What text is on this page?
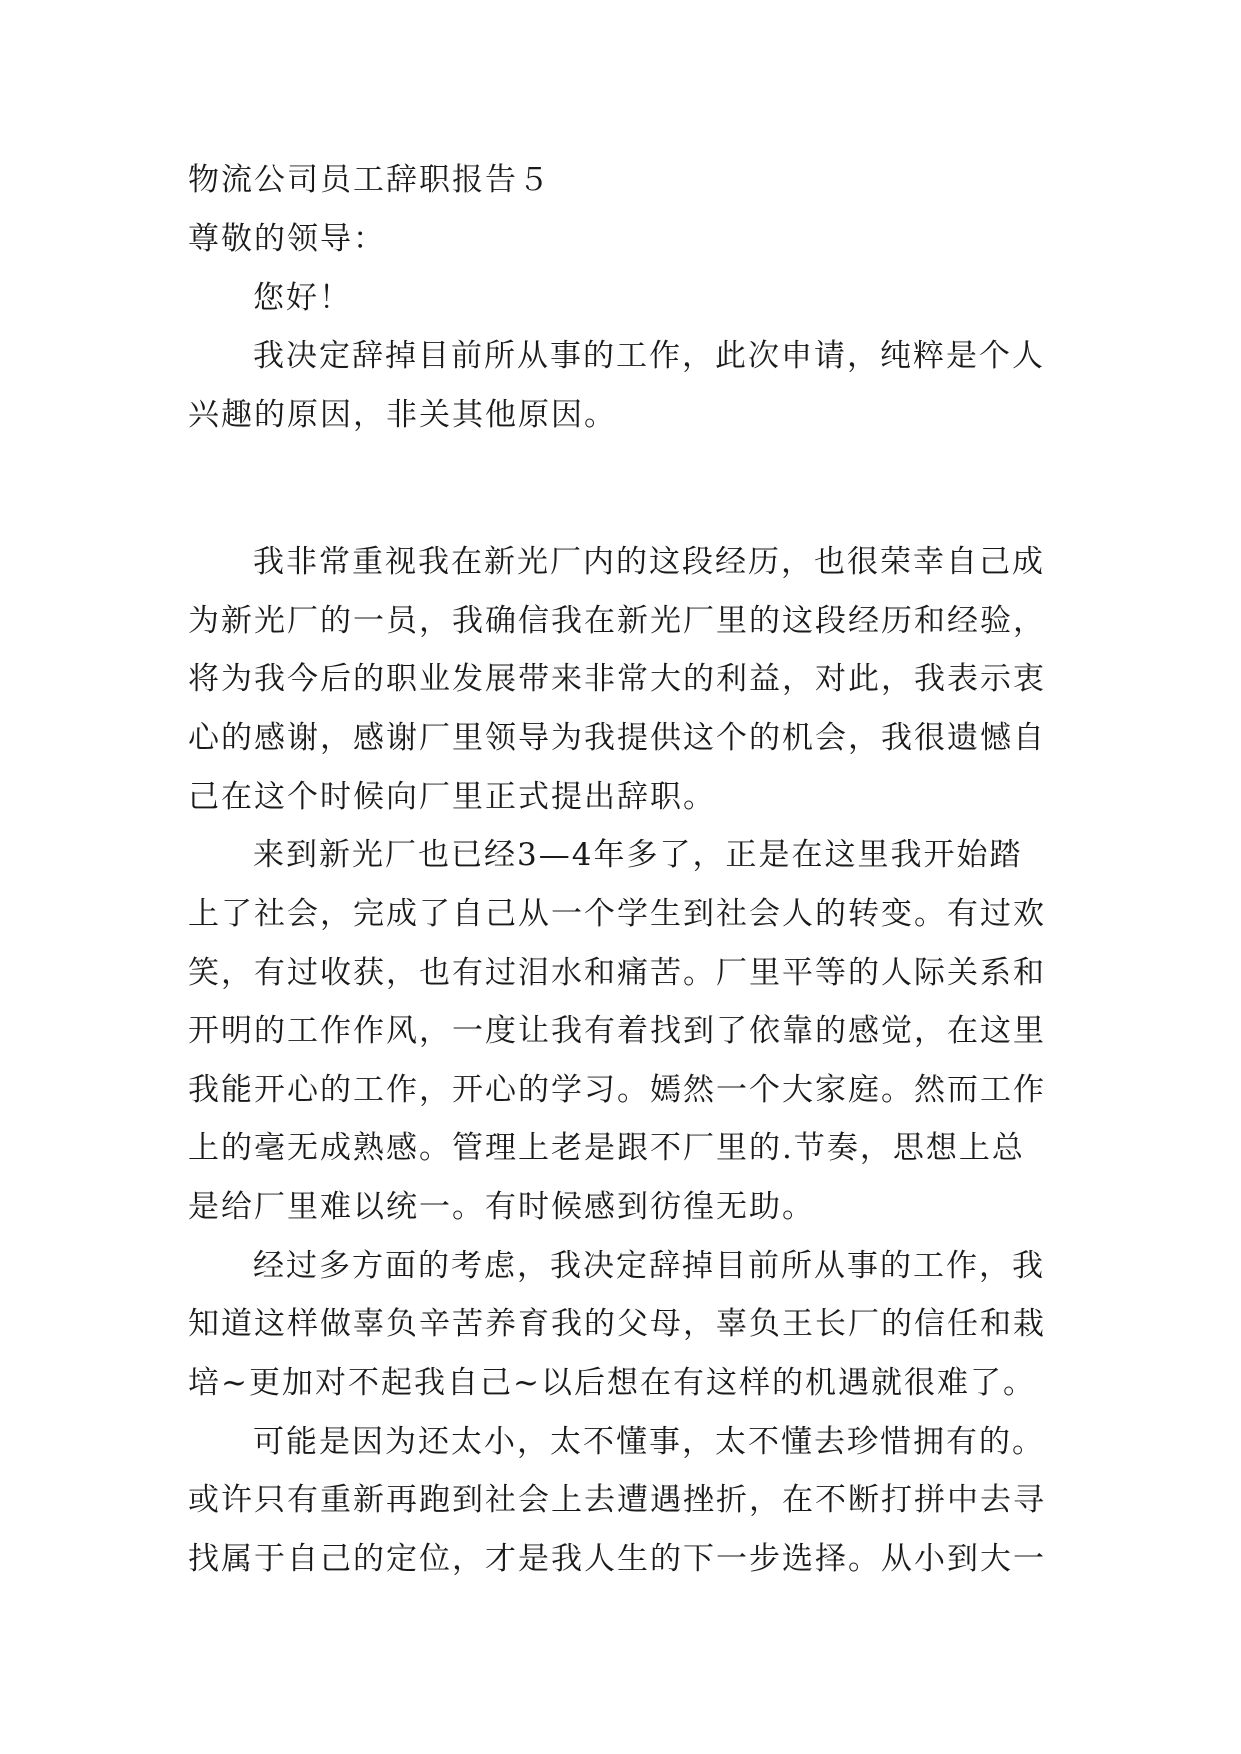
物流公司员工辞职报告５
尊敬的领导：
您好！
我决定辞掉目前所从事的工作，此次申请，纯粹是个人
兴趣的原因，非关其他原因。
我非常重视我在新光厂内的这段经历，也很荣幸自己成
为新光厂的一员，我确信我在新光厂里的这段经历和经验，
将为我今后的职业发展带来非常大的利益，对此，我表示衷
心的感谢，感谢厂里领导为我提供这个的机会，我很遗憾自
己在这个时候向厂里正式提出辞职。
来到新光厂也已经3—4年多了，正是在这里我开始踏
上了社会，完成了自己从一个学生到社会人的转变。有过欢
笑，有过收获，也有过泪水和痛苦。厂里平等的人际关系和
开明的工作作风，一度让我有着找到了依靠的感觉，在这里
我能开心的工作，开心的学习。嫣然一个大家庭。然而工作
上的毫无成熟感。管理上老是跟不厂里的.节奏，思想上总
是给厂里难以统一。有时候感到彷徨无助。
经过多方面的考虑，我决定辞掉目前所从事的工作，我
知道这样做辜负辛苦养育我的父母，辜负王长厂的信任和栽
培~更加对不起我自己~以后想在有这样的机遇就很难了。
可能是因为还太小，太不懂事，太不懂去珍惜拥有的。
或许只有重新再跑到社会上去遭遇挫折，在不断打拼中去寻
找属于自己的定位，才是我人生的下一步选择。从小到大一
